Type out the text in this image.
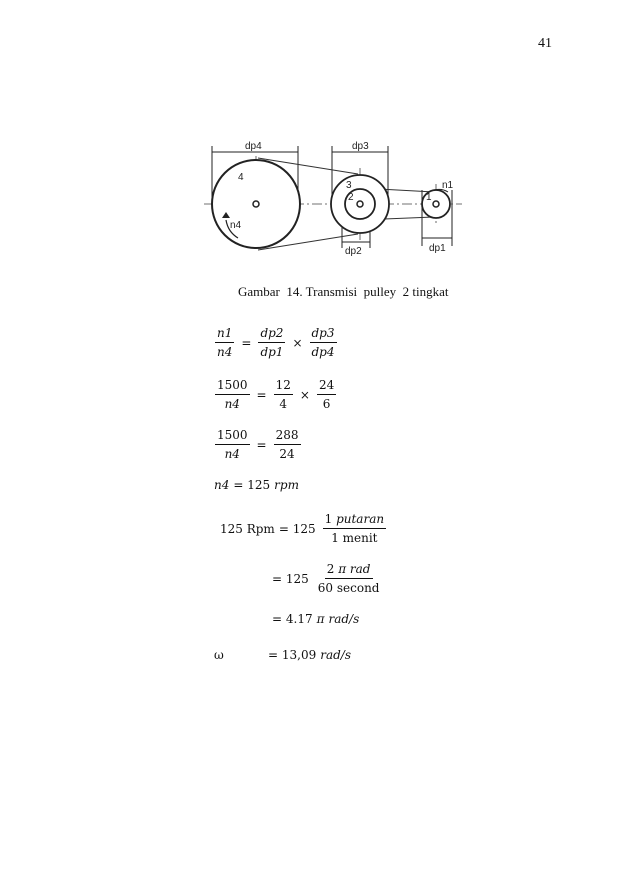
41
dp4	dp3
dp2	dp1
n4
n1
4
3
2	1
Gambar  14. Transmisi  pulley  2 tingkat
$\frac{n1}{n4} = \frac{dp2}{dp1} \times \frac{dp3}{dp4}$
$\frac{1500}{n4} = \frac{12}{4} \times \frac{24}{6}$
$\frac{1500}{n4} = \frac{288}{24}$
n4 = 125 rpm
125 Rpm = $125 \frac{\text{1 putaran}}{\text{1 menit}}$
= $125 \frac{\text{2 π rad}}{\text{60 second}}$
= 4.17 π rad/s
ω	= 13,09 rad/s
